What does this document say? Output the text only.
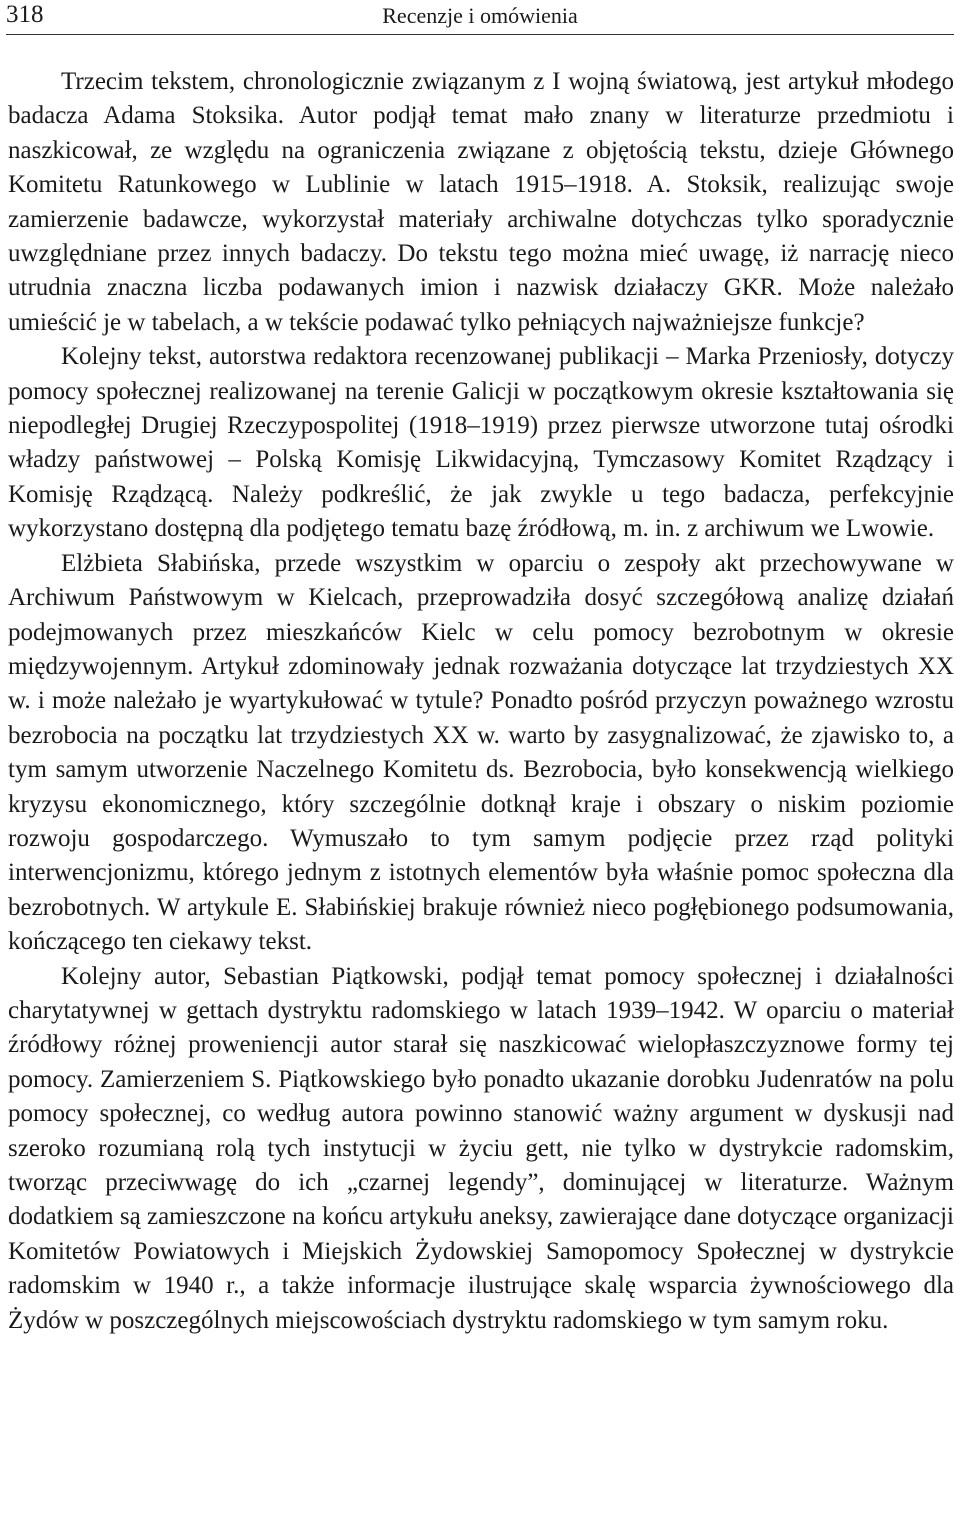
318	Recenzje i omówienia

Trzecim tekstem, chronologicznie związanym z I wojną światową, jest artykuł młodego badacza Adama Stoksika. Autor podjął temat mało znany w literaturze przedmiotu i naszkicował, ze względu na ograniczenia związane z objętością tekstu, dzieje Głównego Komitetu Ratunkowego w Lublinie w latach 1915–1918. A. Stoksik, realizując swoje zamierzenie badawcze, wykorzystał materiały archiwalne dotychczas tylko sporadycznie uwzględniane przez innych badaczy. Do tekstu tego można mieć uwagę, iż narrację nieco utrudnia znaczna liczba podawanych imion i nazwisk działaczy GKR. Może należało umieścić je w tabelach, a w tekście podawać tylko pełniących najważniejsze funkcje?

Kolejny tekst, autorstwa redaktora recenzowanej publikacji – Marka Przeniosły, dotyczy pomocy społecznej realizowanej na terenie Galicji w początkowym okresie kształtowania się niepodległej Drugiej Rzeczypospolitej (1918–1919) przez pierwsze utworzone tutaj ośrodki władzy państwowej – Polską Komisję Likwidacyjną, Tymczasowy Komitet Rządzący i Komisję Rządzącą. Należy podkreślić, że jak zwykle u tego badacza, perfekcyjnie wykorzystano dostępną dla podjętego tematu bazę źródłową, m. in. z archiwum we Lwowie.

Elżbieta Słabińska, przede wszystkim w oparciu o zespoły akt przechowywane w Archiwum Państwowym w Kielcach, przeprowadziła dosyć szczegółową analizę działań podejmowanych przez mieszkańców Kielc w celu pomocy bezrobotnym w okresie międzywojennym. Artykuł zdominowały jednak rozważania dotyczące lat trzydziestych XX w. i może należało je wyartykułować w tytule? Ponadto pośród przyczyn poważnego wzrostu bezrobocia na początku lat trzydziestych XX w. warto by zasygnalizować, że zjawisko to, a tym samym utworzenie Naczelnego Komitetu ds. Bezrobocia, było konsekwencją wielkiego kryzysu ekonomicznego, który szczególnie dotknął kraje i obszary o niskim poziomie rozwoju gospodarczego. Wymuszało to tym samym podjęcie przez rząd polityki interwencjonizmu, którego jednym z istotnych elementów była właśnie pomoc społeczna dla bezrobotnych. W artykule E. Słabińskiej brakuje również nieco pogłębionego podsumowania, kończącego ten ciekawy tekst.

Kolejny autor, Sebastian Piątkowski, podjął temat pomocy społecznej i działalności charytatywnej w gettach dystryktu radomskiego w latach 1939–1942. W oparciu o materiał źródłowy różnej proweniencji autor starał się naszkicować wielopłaszczyznowe formy tej pomocy. Zamierzeniem S. Piątkowskiego było ponadto ukazanie dorobku Judenratów na polu pomocy społecznej, co według autora powinno stanowić ważny argument w dyskusji nad szeroko rozumianą rolą tych instytucji w życiu gett, nie tylko w dystrykcie radomskim, tworząc przeciwwagę do ich „czarnej legendy”, dominującej w literaturze. Ważnym dodatkiem są zamieszczone na końcu artykułu aneksy, zawierające dane dotyczące organizacji Komitetów Powiatowych i Miejskich Żydowskiej Samopomocy Społecznej w dystrykcie radomskim w 1940 r., a także informacje ilustrujące skalę wsparcia żywnościowego dla Żydów w poszczególnych miejscowościach dystryktu radomskiego w tym samym roku.
